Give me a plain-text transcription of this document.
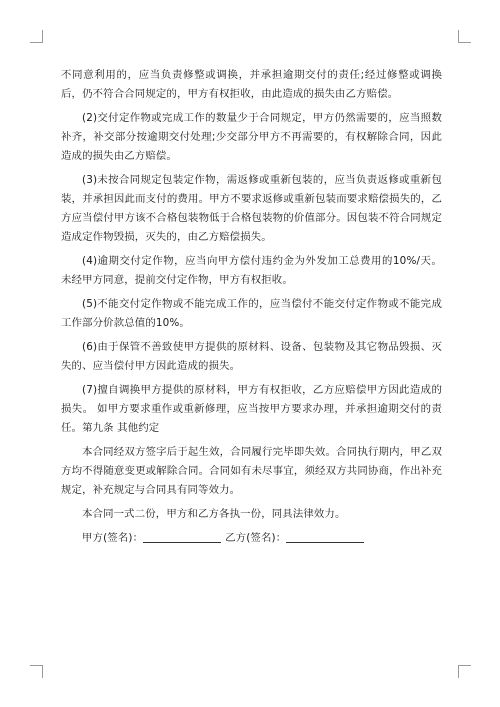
不同意利用的，应当负责修整或调换，并承担逾期交付的责任;经过修整或调换后，仍不符合合同规定的，甲方有权拒收，由此造成的损失由乙方赔偿。

(2)交付定作物或完成工作的数量少于合同规定，甲方仍然需要的，应当照数补齐，补交部分按逾期交付处理;少交部分甲方不再需要的，有权解除合同，因此造成的损失由乙方赔偿。

(3)未按合同规定包装定作物，需返修或重新包装的，应当负责返修或重新包装，并承担因此而支付的费用。甲方不要求返修或重新包装而要求赔偿损失的，乙方应当偿付甲方该不合格包装物低于合格包装物的价值部分。因包装不符合同规定造成定作物毁损，灭失的，由乙方赔偿损失。

(4)逾期交付定作物，应当向甲方偿付违约金为外发加工总费用的10%/天。 未经甲方同意，提前交付定作物，甲方有权拒收。

(5)不能交付定作物或不能完成工作的，应当偿付不能交付定作物或不能完成工作部分价款总值的10%。

(6)由于保管不善致使甲方提供的原材料、设备、包装物及其它物品毁损、灭失的、应当偿付甲方因此造成的损失。

(7)擅自调换甲方提供的原材料，甲方有权拒收，乙方应赔偿甲方因此造成的损失。 如甲方要求重作或重新修理，应当按甲方要求办理，并承担逾期交付的责任。第九条 其他约定

本合同经双方签字后于起生效，合同履行完毕即失效。合同执行期内，甲乙双方均不得随意变更或解除合同。合同如有未尽事宜，须经双方共同协商，作出补充规定，补充规定与合同具有同等效力。

本合同一式二份，甲方和乙方各执一份，同具法律效力。

甲方(签名)：	乙方(签名)：
